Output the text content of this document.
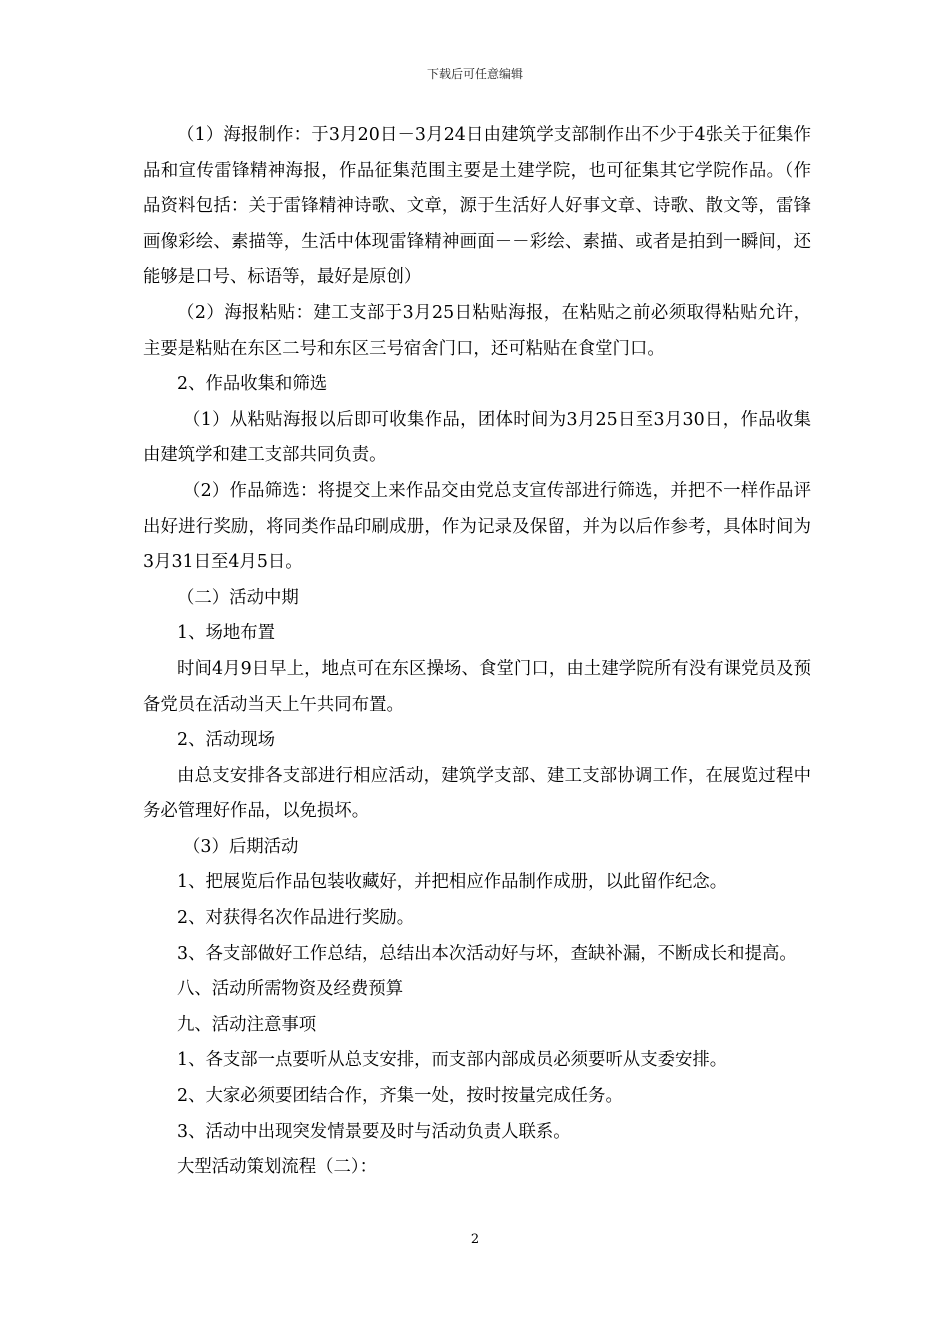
下载后可任意编辑

（1）海报制作：于3月20日－3月24日由建筑学支部制作出不少于4张关于征集作品和宣传雷锋精神海报，作品征集范围主要是土建学院，也可征集其它学院作品。（作品资料包括：关于雷锋精神诗歌、文章，源于生活好人好事文章、诗歌、散文等，雷锋画像彩绘、素描等，生活中体现雷锋精神画面－－彩绘、素描、或者是拍到一瞬间，还能够是口号、标语等，最好是原创）

（2）海报粘贴：建工支部于3月25日粘贴海报，在粘贴之前必须取得粘贴允许，主要是粘贴在东区二号和东区三号宿舍门口，还可粘贴在食堂门口。

2、作品收集和筛选

（1）从粘贴海报以后即可收集作品，团体时间为3月25日至3月30日，作品收集由建筑学和建工支部共同负责。

（2）作品筛选：将提交上来作品交由党总支宣传部进行筛选，并把不一样作品评出好进行奖励，将同类作品印刷成册，作为记录及保留，并为以后作参考，具体时间为3月31日至4月5日。

（二）活动中期

1、场地布置

时间4月9日早上，地点可在东区操场、食堂门口，由土建学院所有没有课党员及预备党员在活动当天上午共同布置。

2、活动现场

由总支安排各支部进行相应活动，建筑学支部、建工支部协调工作，在展览过程中务必管理好作品，以免损坏。

（3）后期活动

1、把展览后作品包装收藏好，并把相应作品制作成册，以此留作纪念。

2、对获得名次作品进行奖励。

3、各支部做好工作总结，总结出本次活动好与坏，查缺补漏，不断成长和提高。

八、活动所需物资及经费预算

九、活动注意事项

1、各支部一点要听从总支安排，而支部内部成员必须要听从支委安排。

2、大家必须要团结合作，齐集一处，按时按量完成任务。

3、活动中出现突发情景要及时与活动负责人联系。

大型活动策划流程（二）：

2
